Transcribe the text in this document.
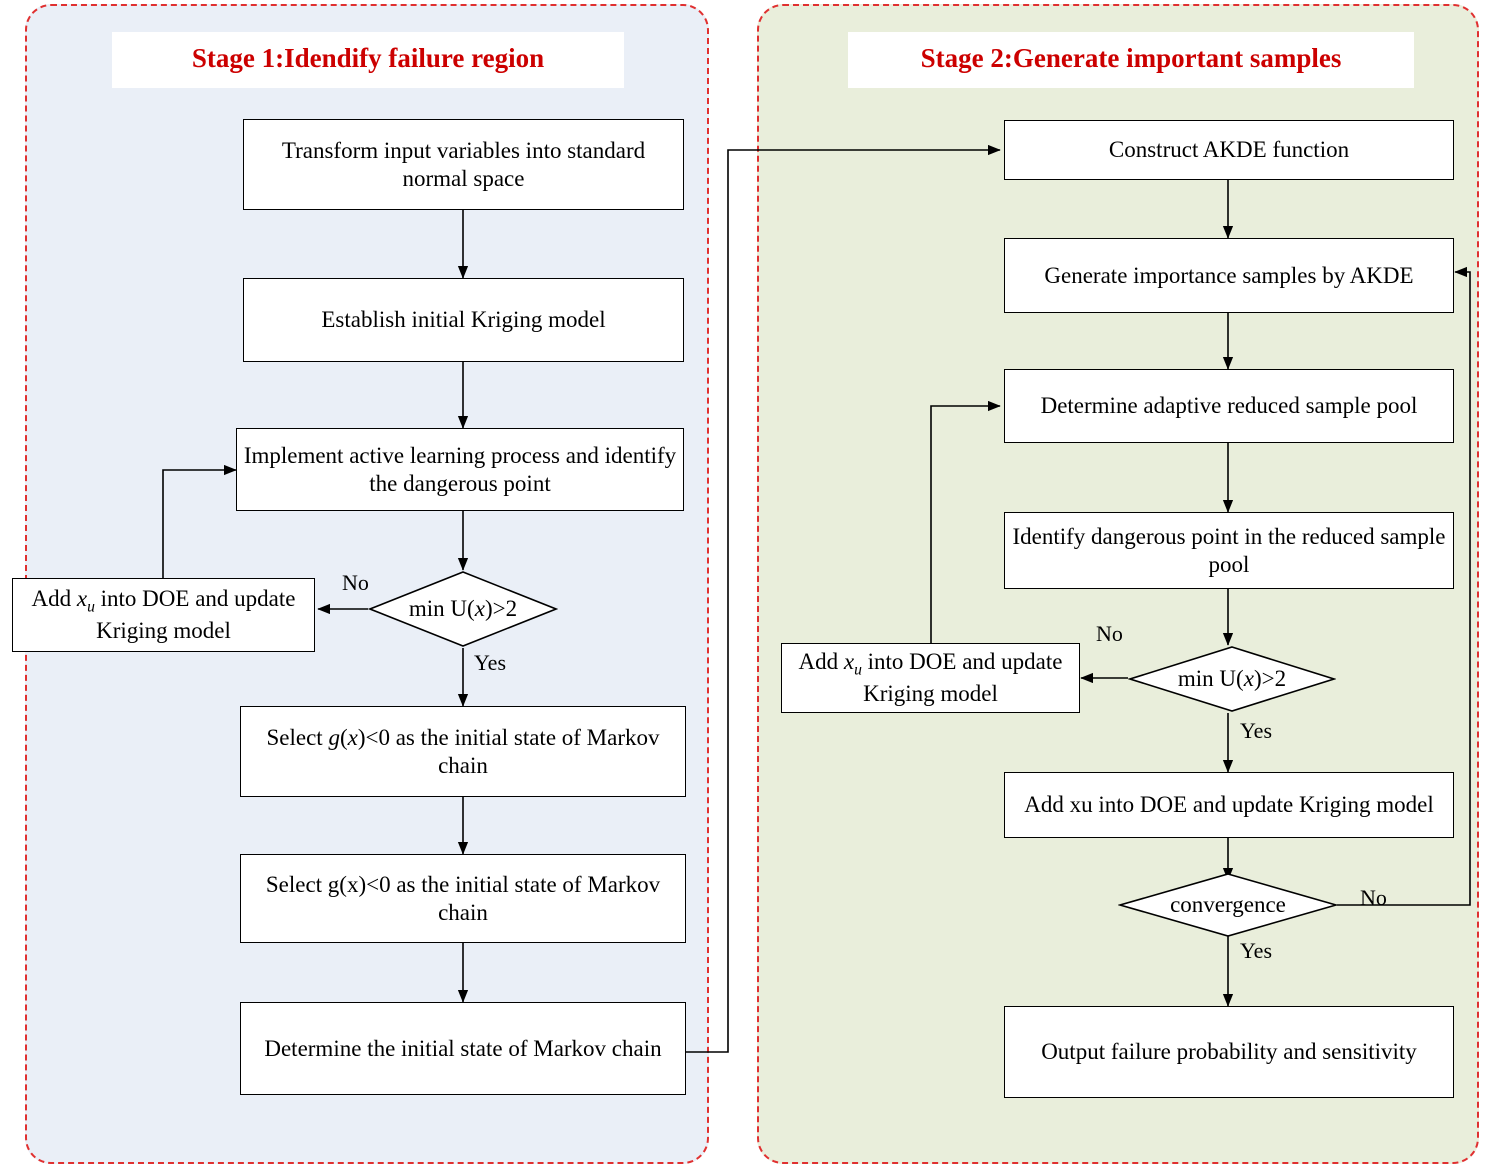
Stage 1:Idendify failure region	Stage 2:Generate important samples
Transform input variables into standard normal space
Establish initial Kriging model
Implement active learning process and identify the dangerous point
min U(x)>2
Add $x_u$ into DOE and update Kriging model
Select g(x)<0 as the initial state of Markov chain
Select g(x)<0 as the initial state of Markov chain
Determine the initial state of Markov chain
No
Yes
Construct AKDE function
Generate importance samples by AKDE
Determine adaptive reduced sample pool
Identify dangerous point in the reduced sample pool
min U(x)>2
Add $x_u$ into DOE and update Kriging model
Add xu into DOE and update Kriging model
convergence
Output failure probability and sensitivity
No
Yes
No
Yes
